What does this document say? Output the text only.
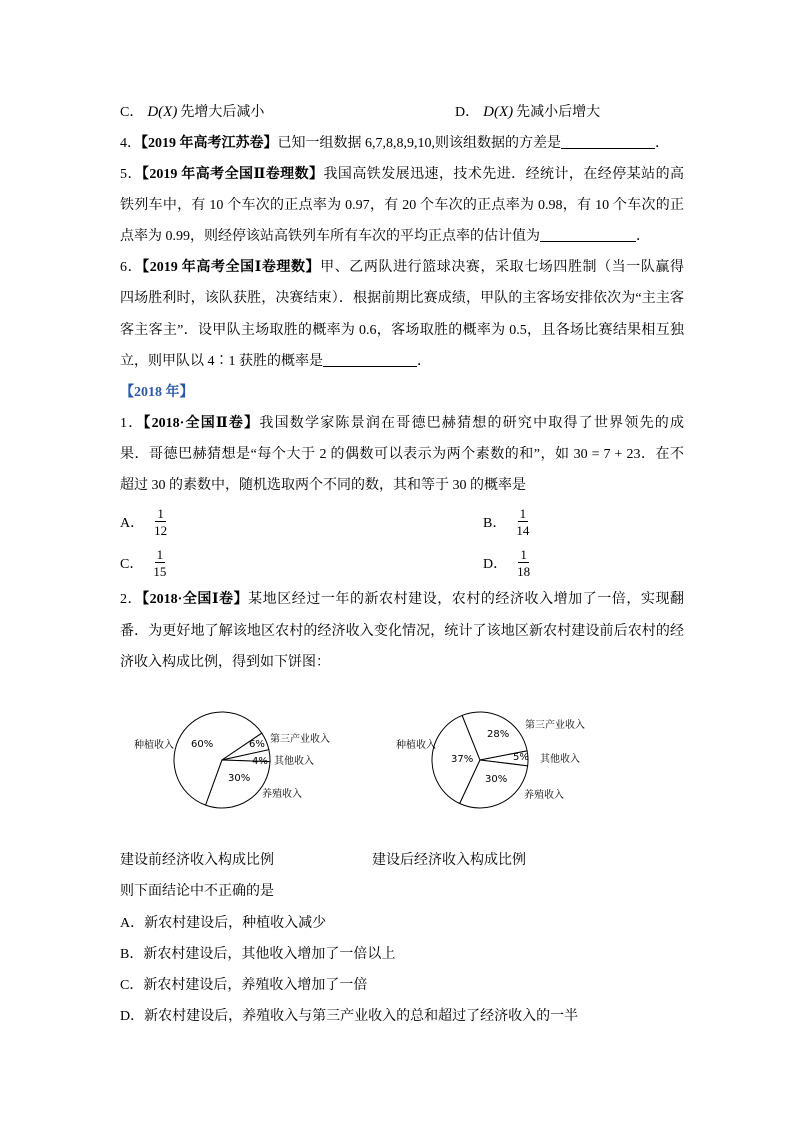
C． D(X) 先增大后减小	D． D(X) 先减小后增大
4．【2019 年高考江苏卷】已知一组数据 6,7,8,8,9,10,则该组数据的方差是	．
5．【2019 年高考全国Ⅱ卷理数】我国高铁发展迅速，技术先进．经统计，在经停某站的高
铁列车中，有 10 个车次的正点率为 0.97，有 20 个车次的正点率为 0.98，有 10 个车次的正
点率为 0.99，则经停该站高铁列车所有车次的平均正点率的估计值为	．
6．【2019 年高考全国Ⅰ卷理数】甲、乙两队进行篮球决赛，采取七场四胜制（当一队赢得
四场胜利时，该队获胜，决赛结束）．根据前期比赛成绩，甲队的主客场安排依次为“主主客
客主客主”．设甲队主场取胜的概率为 0.6，客场取胜的概率为 0.5，且各场比赛结果相互独
立，则甲队以 4∶1 获胜的概率是	．
【2018 年】
1．【2018·全国Ⅱ卷】我国数学家陈景润在哥德巴赫猜想的研究中取得了世界领先的成
果．哥德巴赫猜想是“每个大于 2 的偶数可以表示为两个素数的和”，如 30 = 7 + 23．在不
超过 30 的素数中，随机选取两个不同的数，其和等于 30 的概率是
A． $\frac{1}{12}$	B． $\frac{1}{14}$
C． $\frac{1}{15}$	D． $\frac{1}{18}$
2．【2018·全国Ⅰ卷】某地区经过一年的新农村建设，农村的经济收入增加了一倍，实现翻
番．为更好地了解该地区农村的经济收入变化情况，统计了该地区新农村建设前后农村的经
济收入构成比例，得到如下饼图：
种植收入 60%	6% 第三产业收入
4% 其他收入
30%
养殖收入
种植收入
37%
28%
第三产业收入
5% 其他收入
30%
养殖收入
建设前经济收入构成比例	建设后经济收入构成比例
则下面结论中不正确的是
A．新农村建设后，种植收入减少
B．新农村建设后，其他收入增加了一倍以上
C．新农村建设后，养殖收入增加了一倍
D．新农村建设后，养殖收入与第三产业收入的总和超过了经济收入的一半
